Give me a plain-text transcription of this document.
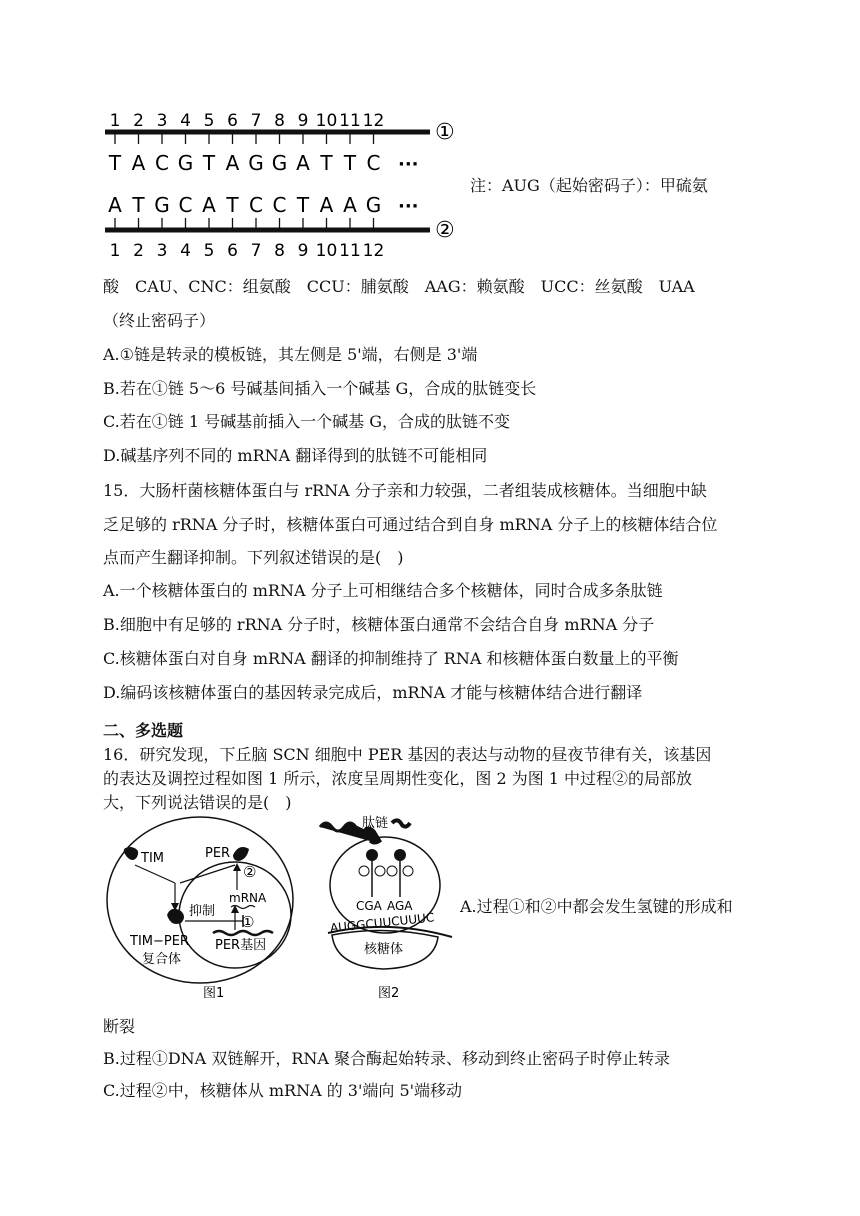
1 2 3 4 5 6 7 8 9 10 11 12
T A C G T A G G A T T C ···
①
A T G C A T C C T A A G ···
②
1 2 3 4 5 6 7 8 9 10 11 12
注：AUG（起始密码子）：甲硫氨
酸　CAU、CNC：组氨酸　CCU：脯氨酸　AAG：赖氨酸　UCC：丝氨酸　UAA
（终止密码子）
A.①链是转录的模板链，其左侧是 5'端，右侧是 3'端
B.若在①链 5～6 号碱基间插入一个碱基 G，合成的肽链变长
C.若在①链 1 号碱基前插入一个碱基 G，合成的肽链不变
D.碱基序列不同的 mRNA 翻译得到的肽链不可能相同
15．大肠杆菌核糖体蛋白与 rRNA 分子亲和力较强，二者组装成核糖体。当细胞中缺
乏足够的 rRNA 分子时，核糖体蛋白可通过结合到自身 mRNA 分子上的核糖体结合位
点而产生翻译抑制。下列叙述错误的是(　)
A.一个核糖体蛋白的 mRNA 分子上可相继结合多个核糖体，同时合成多条肽链
B.细胞中有足够的 rRNA 分子时，核糖体蛋白通常不会结合自身 mRNA 分子
C.核糖体蛋白对自身 mRNA 翻译的抑制维持了 RNA 和核糖体蛋白数量上的平衡
D.编码该核糖体蛋白的基因转录完成后，mRNA 才能与核糖体结合进行翻译
二、多选题
16．研究发现，下丘脑 SCN 细胞中 PER 基因的表达与动物的昼夜节律有关，该基因
的表达及调控过程如图 1 所示，浓度呈周期性变化，图 2 为图 1 中过程②的局部放
大，下列说法错误的是(　)
TIM	PER
TIM−PER
复合体
抑制
②
mRNA
①
PER基因
图1
肽链
CGA AGA
AUGGCUUCUUUC
核糖体
图2
A.过程①和②中都会发生氢键的形成和
断裂
B.过程①DNA 双链解开，RNA 聚合酶起始转录、移动到终止密码子时停止转录
C.过程②中，核糖体从 mRNA 的 3'端向 5'端移动
